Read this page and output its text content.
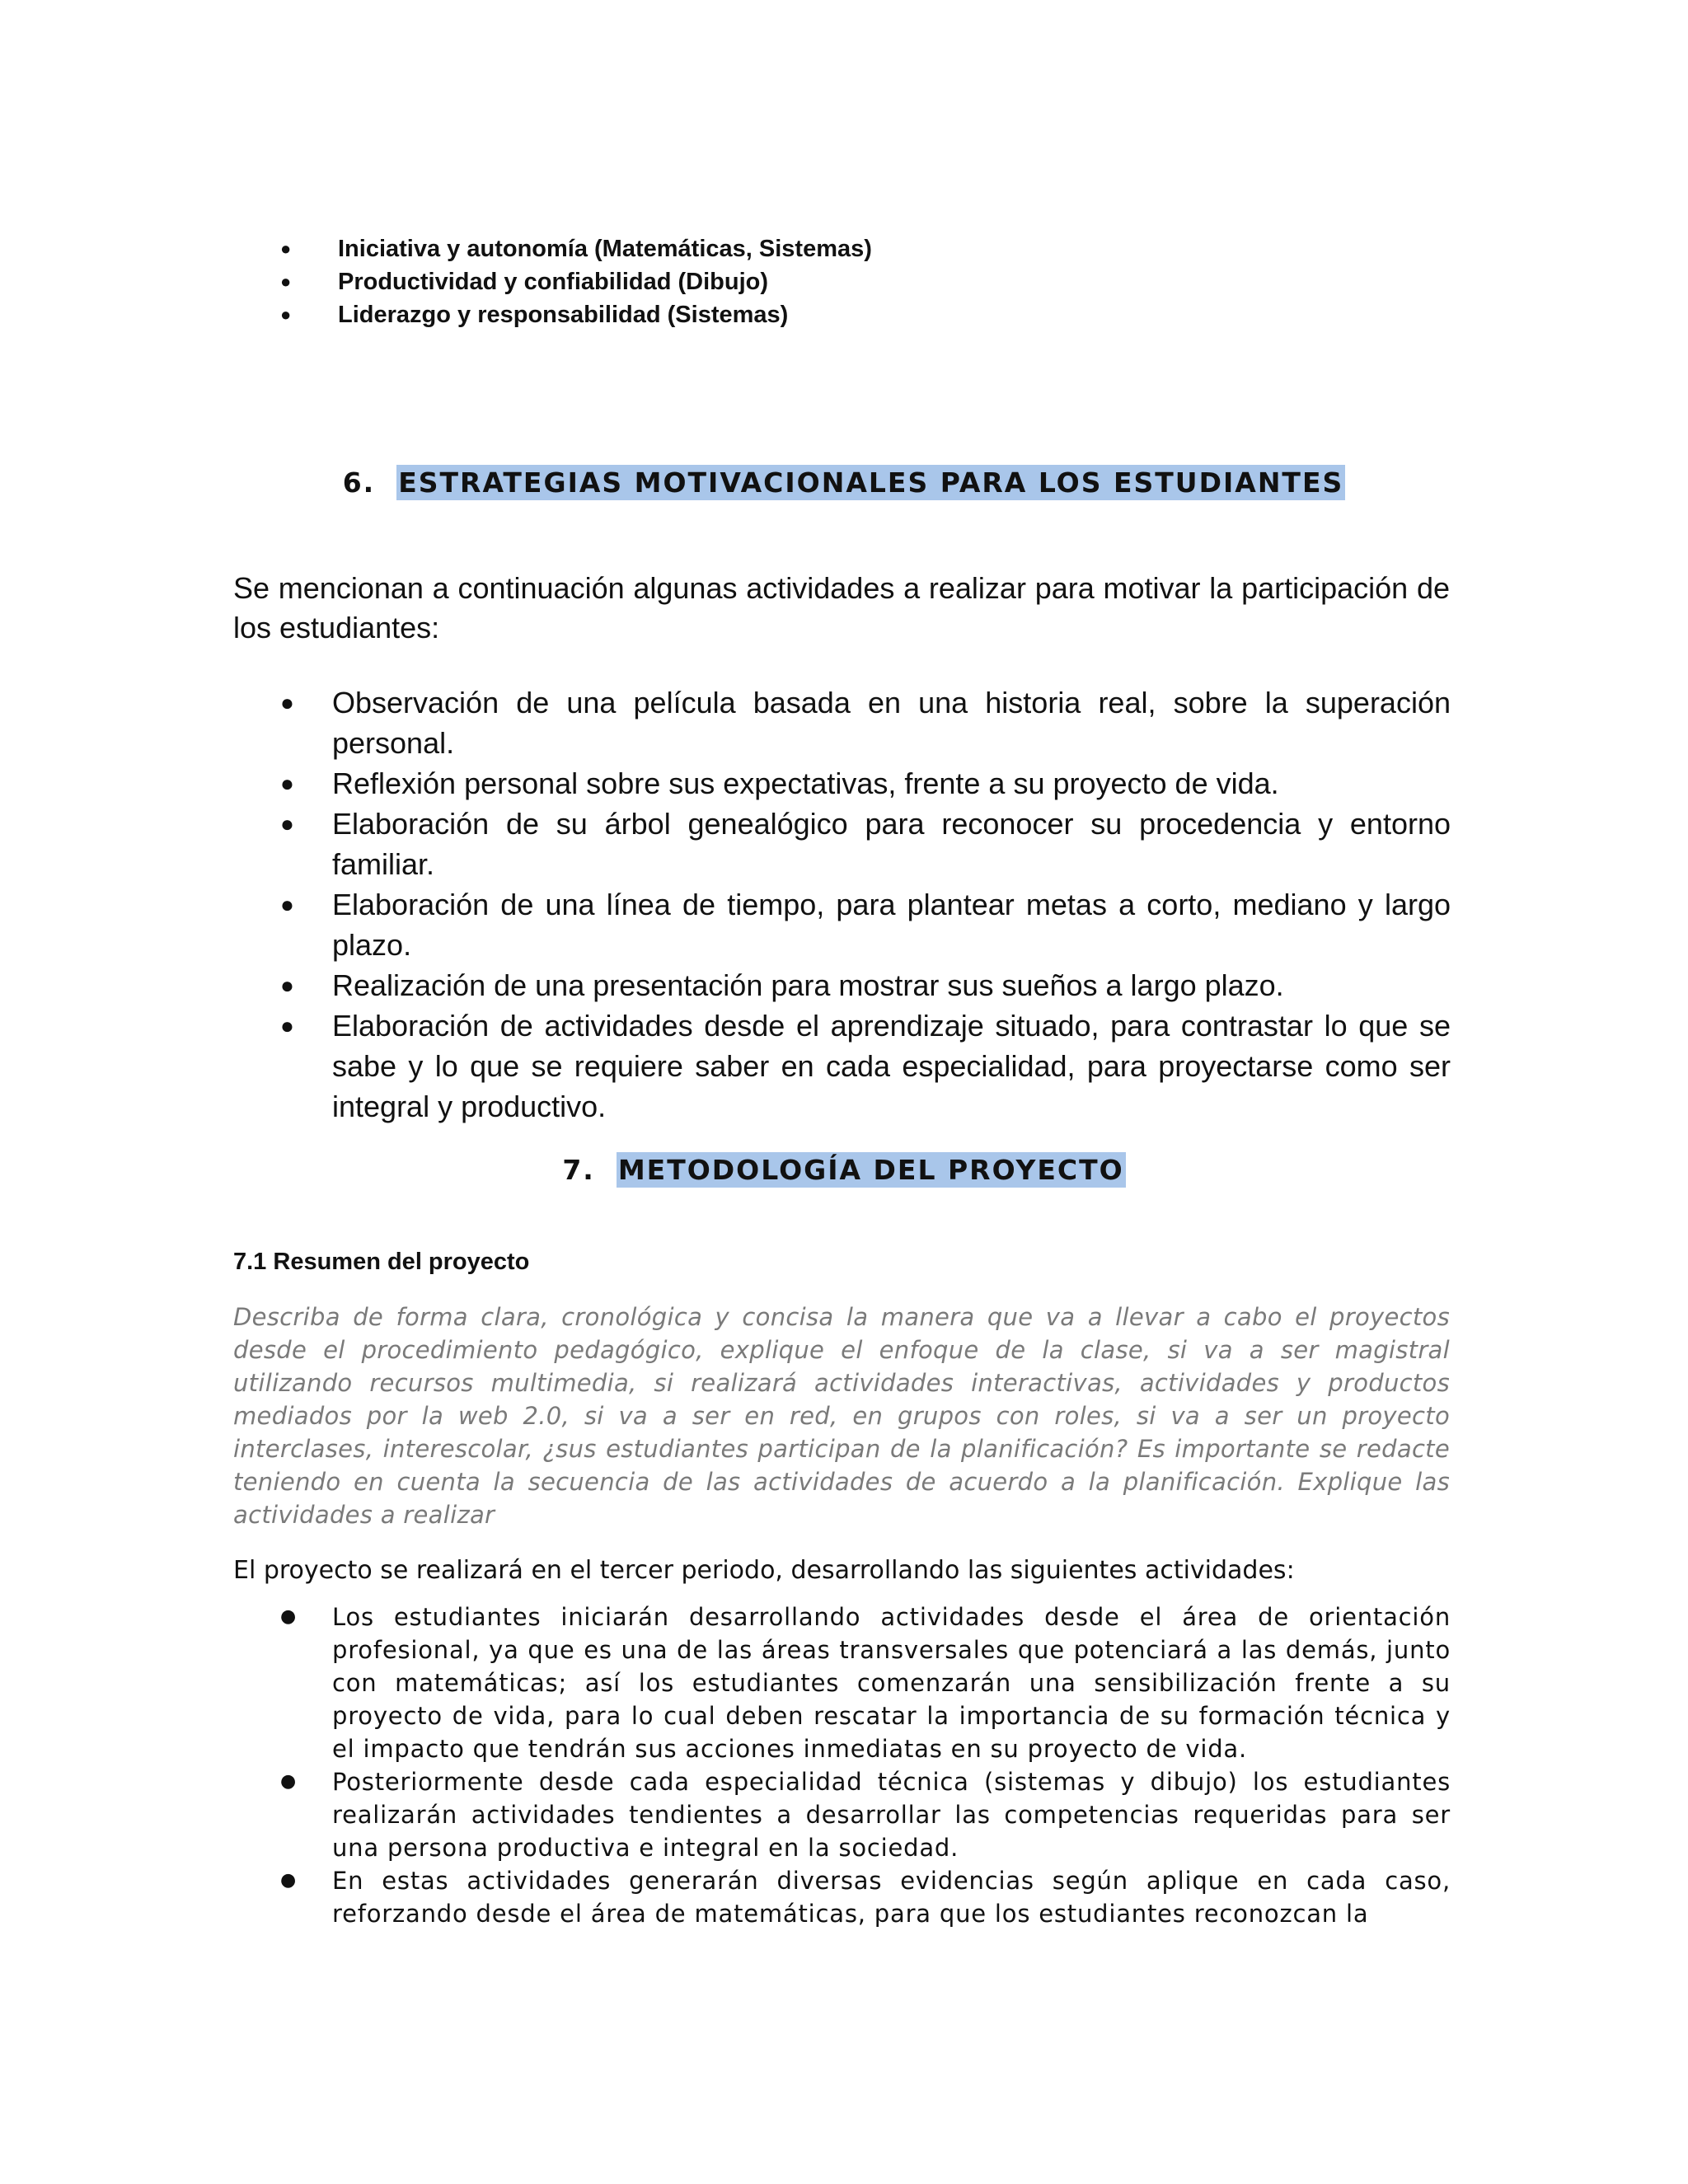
●	Iniciativa y autonomía (Matemáticas, Sistemas)
●	Productividad y confiabilidad (Dibujo)
●	Liderazgo y responsabilidad (Sistemas)
6. ESTRATEGIAS MOTIVACIONALES PARA LOS ESTUDIANTES
Se mencionan a continuación algunas actividades a realizar para motivar la participación de los estudiantes:
●	Observación de una película basada en una historia real, sobre la superación personal.
●	Reflexión personal sobre sus expectativas, frente a su proyecto de vida.
●	Elaboración de su árbol genealógico para reconocer su procedencia y entorno familiar.
●	Elaboración de una línea de tiempo, para plantear metas a corto, mediano y largo plazo.
●	Realización de una presentación para mostrar sus sueños a largo plazo.
●	Elaboración de actividades desde el aprendizaje situado, para contrastar lo que se sabe y lo que se requiere saber en cada especialidad, para proyectarse como ser integral y productivo.
7. METODOLOGÍA DEL PROYECTO
7.1 Resumen del proyecto
Describa de forma clara, cronológica y concisa la manera que va a llevar a cabo el proyectos desde el procedimiento pedagógico, explique el enfoque de la clase, si va a ser magistral utilizando recursos multimedia, si realizará actividades interactivas, actividades y productos mediados por la web 2.0, si va a ser en red, en grupos con roles, si va a ser un proyecto interclases, interescolar, ¿sus estudiantes participan de la planificación? Es importante se redacte teniendo en cuenta la secuencia de las actividades de acuerdo a la planificación. Explique las actividades a realizar
El proyecto se realizará en el tercer periodo, desarrollando las siguientes actividades:
●	Los estudiantes iniciarán desarrollando actividades desde el área de orientación profesional, ya que es una de las áreas transversales que potenciará a las demás, junto con matemáticas; así los estudiantes comenzarán una sensibilización frente a su proyecto de vida, para lo cual deben rescatar la importancia de su formación técnica y el impacto que tendrán sus acciones inmediatas en su proyecto de vida.
●	Posteriormente desde cada especialidad técnica (sistemas y dibujo) los estudiantes realizarán actividades tendientes a desarrollar las competencias requeridas para ser una persona productiva e integral en la sociedad.
●	En estas actividades generarán diversas evidencias según aplique en cada caso, reforzando desde el área de matemáticas, para que los estudiantes reconozcan la
